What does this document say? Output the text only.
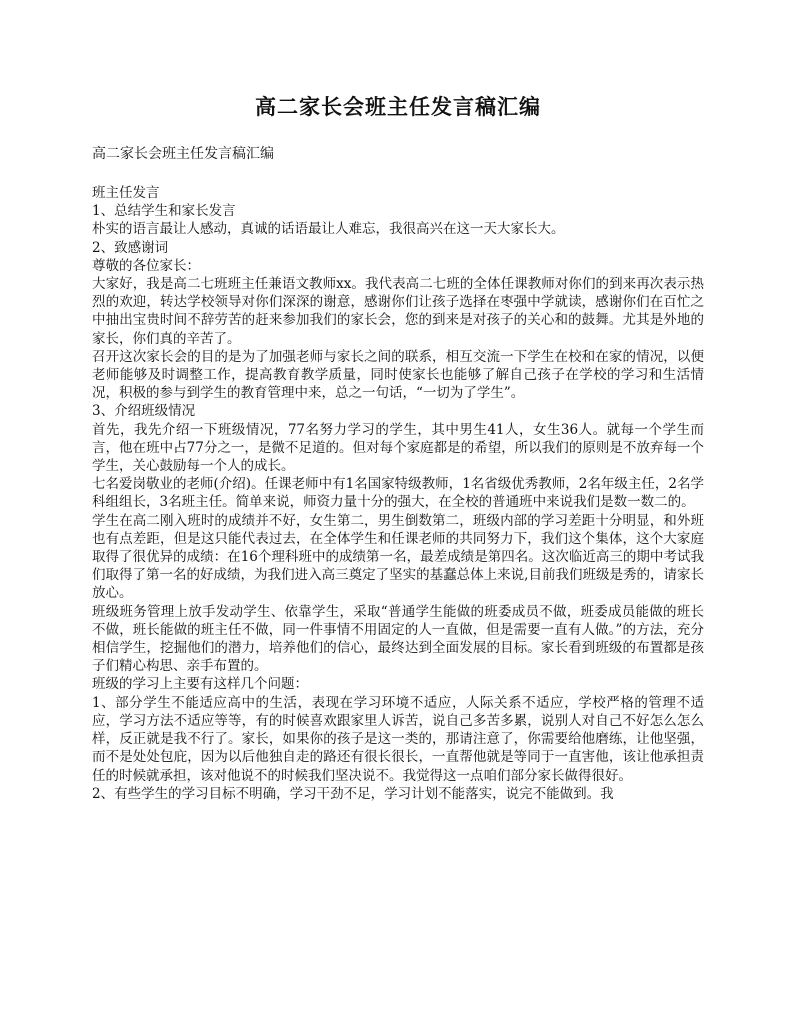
高二家长会班主任发言稿汇编
高二家长会班主任发言稿汇编

班主任发言

1、总结学生和家长发言

朴实的语言最让人感动，真诚的话语最让人难忘，我很高兴在这一天大家长大。

2、致感谢词

尊敬的各位家长：

大家好，我是高二七班班主任兼语文教师xx。我代表高二七班的全体任课教师对你们的到来再次表示热烈的欢迎，转达学校领导对你们深深的谢意，感谢你们让孩子选择在枣强中学就读，感谢你们在百忙之中抽出宝贵时间不辞劳苦的赶来参加我们的家长会，您的到来是对孩子的关心和的鼓舞。尤其是外地的家长，你们真的辛苦了。

召开这次家长会的目的是为了加强老师与家长之间的联系，相互交流一下学生在校和在家的情况，以便老师能够及时调整工作，提高教育教学质量，同时使家长也能够了解自己孩子在学校的学习和生活情况，积极的参与到学生的教育管理中来，总之一句话，“一切为了学生”。

3、介绍班级情况

首先，我先介绍一下班级情况，77名努力学习的学生，其中男生41人，女生36人。就每一个学生而言，他在班中占77分之一，是微不足道的。但对每个家庭都是的希望，所以我们的原则是不放弃每一个学生，关心鼓励每一个人的成长。

七名爱岗敬业的老师(介绍)。任课老师中有1名国家特级教师，1名省级优秀教师，2名年级主任，2名学科组组长，3名班主任。简单来说，师资力量十分的强大，在全校的普通班中来说我们是数一数二的。

学生在高二刚入班时的成绩并不好，女生第二，男生倒数第二，班级内部的学习差距十分明显，和外班也有点差距，但是这只能代表过去，在全体学生和任课老师的共同努力下，我们这个集体，这个大家庭取得了很优异的成绩：在16个理科班中的成绩第一名，最差成绩是第四名。这次临近高三的期中考试我们取得了第一名的好成绩，为我们进入高三奠定了坚实的基蠢总体上来说,目前我们班级是秀的，请家长放心。

班级班务管理上放手发动学生、依靠学生，采取“普通学生能做的班委成员不做，班委成员能做的班长不做，班长能做的班主任不做，同一件事情不用固定的人一直做，但是需要一直有人做。”的方法，充分相信学生，挖掘他们的潜力，培养他们的信心，最终达到全面发展的目标。家长看到班级的布置都是孩子们精心构思、亲手布置的。

班级的学习上主要有这样几个问题：

1、部分学生不能适应高中的生活，表现在学习环境不适应，人际关系不适应，学校严格的管理不适应，学习方法不适应等等，有的时候喜欢跟家里人诉苦，说自己多苦多累，说别人对自己不好怎么怎么样，反正就是我不行了。家长，如果你的孩子是这一类的，那请注意了，你需要给他磨练，让他坚强，而不是处处包庇，因为以后他独自走的路还有很长很长，一直帮他就是等同于一直害他，该让他承担责任的时候就承担，该对他说不的时候我们坚决说不。我觉得这一点咱们部分家长做得很好。

2、有些学生的学习目标不明确，学习干劲不足，学习计划不能落实，说完不能做到。我
